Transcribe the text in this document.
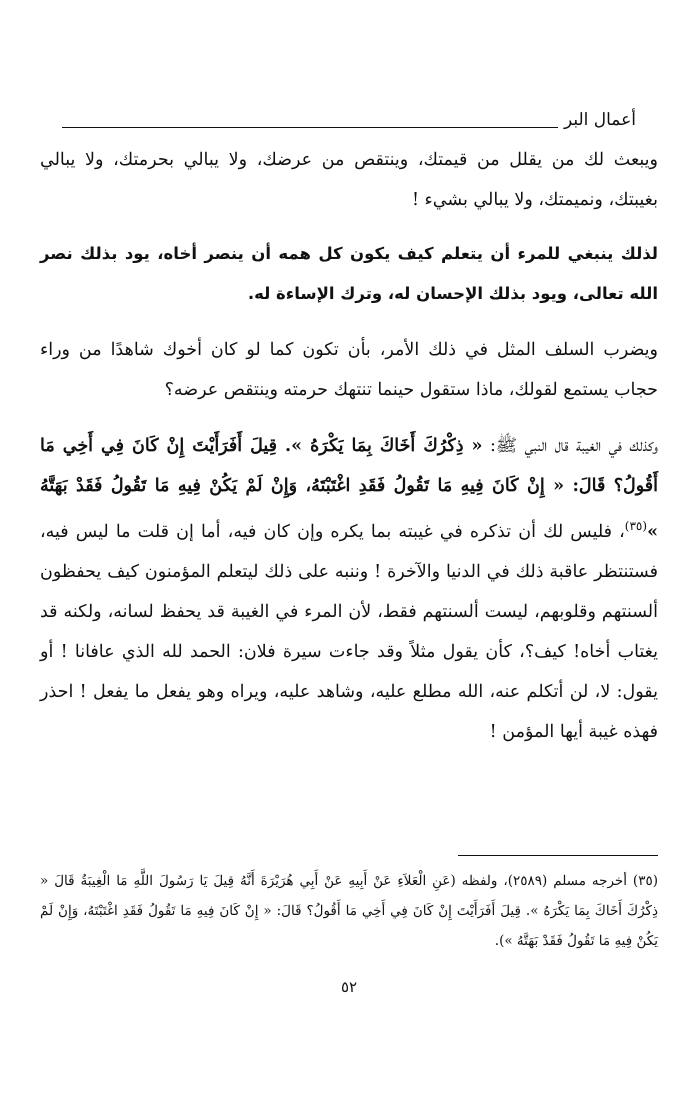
أعمال البر

ويبعث لك من يقلل من قيمتك، وينتقص من عرضك، ولا يبالي بحرمتك، ولا يبالي بغيبتك، ونميمتك، ولا يبالي بشيء !

لذلك ينبغي للمرء أن يتعلم كيف يكون كل همه أن ينصر أخاه، يود بذلك نصر الله تعالى، ويود بذلك الإحسان له، وترك الإساءة له.

ويضرب السلف المثل في ذلك الأمر، بأن تكون كما لو كان أخوك شاهدًا من وراء حجاب يستمع لقولك، ماذا ستقول حينما تنتهك حرمته وينتقص عرضه؟

وكذلك في الغيبة قال النبي ﷺ: « ذِكْرُكَ أَخَاكَ بِمَا يَكْرَهُ ». قِيلَ أَفَرَأَيْتَ إِنْ كَانَ فِي أَخِي مَا أَقُولُ؟ قَالَ: « إِنْ كَانَ فِيهِ مَا تَقُولُ فَقَدِ اغْتَبْتَهُ، وَإِنْ لَمْ يَكُنْ فِيهِ مَا تَقُولُ فَقَدْ بَهَتَّهُ »$^{(٣٥)}$، فليس لك أن تذكره في غيبته بما يكره وإن كان فيه، أما إن قلت ما ليس فيه، فستنتظر عاقبة ذلك في الدنيا والآخرة ! وننبه على ذلك ليتعلم المؤمنون كيف يحفظون ألسنتهم وقلوبهم، ليست ألسنتهم فقط، لأن المرء في الغيبة قد يحفظ لسانه، ولكنه قد يغتاب أخاه! كيف؟، كأن يقول مثلاً وقد جاءت سيرة فلان: الحمد لله الذي عافانا ! أو يقول: لا، لن أتكلم عنه، الله مطلع عليه، وشاهد عليه، ويراه وهو يفعل ما يفعل ! احذر فهذه غيبة أيها المؤمن !

(٣٥) أخرجه مسلم (٢٥٨٩)، ولفظه (عَنِ الْعَلاَءِ عَنْ أَبِيهِ عَنْ أَبِي هُرَيْرَةَ أَنَّهُ قِيلَ يَا رَسُولَ اللَّهِ مَا الْغِيبَةُ قَالَ « ذِكْرُكَ أَخَاكَ بِمَا يَكْرَهُ ». قِيلَ أَفَرَأَيْتَ إِنْ كَانَ فِي أَخِي مَا أَقُولُ؟ قَالَ: « إِنْ كَانَ فِيهِ مَا تَقُولُ فَقَدِ اغْتَبْتَهُ، وَإِنْ لَمْ يَكُنْ فِيهِ مَا تَقُولُ فَقَدْ بَهَتَّهُ »).

٥٢
